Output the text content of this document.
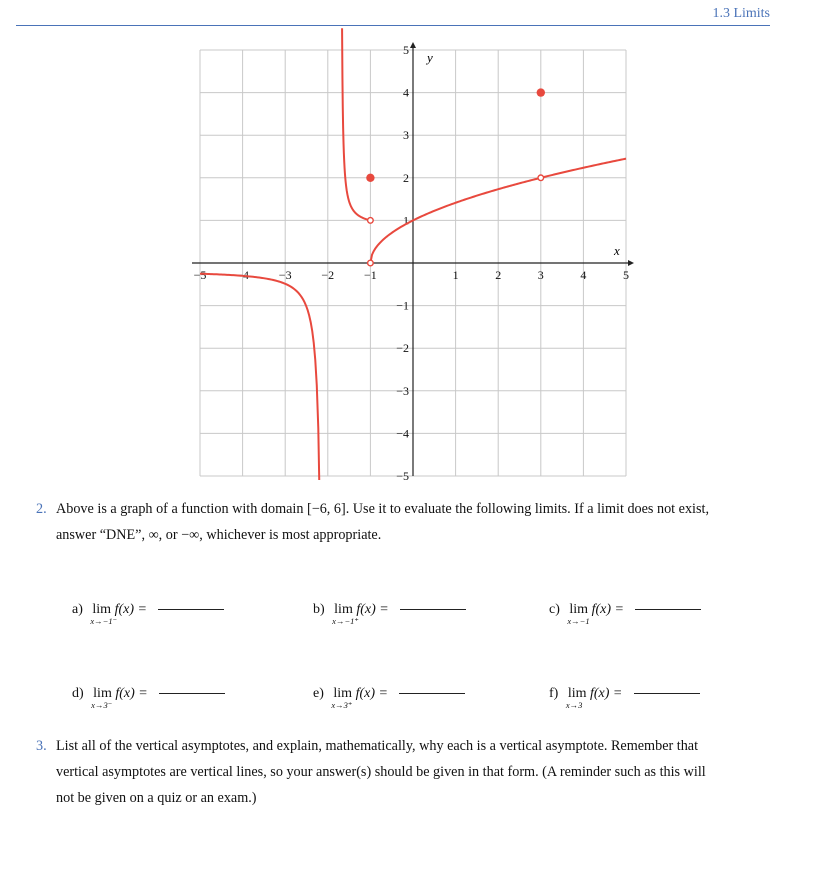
1.3 Limits
−5 −4 −3 −2 −1	1	2	3	4	5
5
4
3
2
1
−1
−2
−3
−4
−5
x
y
2. Above is a graph of a function with domain [−6, 6]. Use it to evaluate the following limits. If a limit does not exist,
answer “DNE”, ∞, or −∞, whichever is most appropriate.
a) lim
x→−1⁻
f(x) =	b) lim
x→−1⁺
f(x) =	c) lim
x→−1
f(x) =
d) lim
x→3⁻
f(x) =	e) lim
x→3⁺
f(x) =	f) lim
x→3
f(x) =
3. List all of the vertical asymptotes, and explain, mathematically, why each is a vertical asymptote. Remember that
vertical asymptotes are vertical lines, so your answer(s) should be given in that form. (A reminder such as this will
not be given on a quiz or an exam.)
